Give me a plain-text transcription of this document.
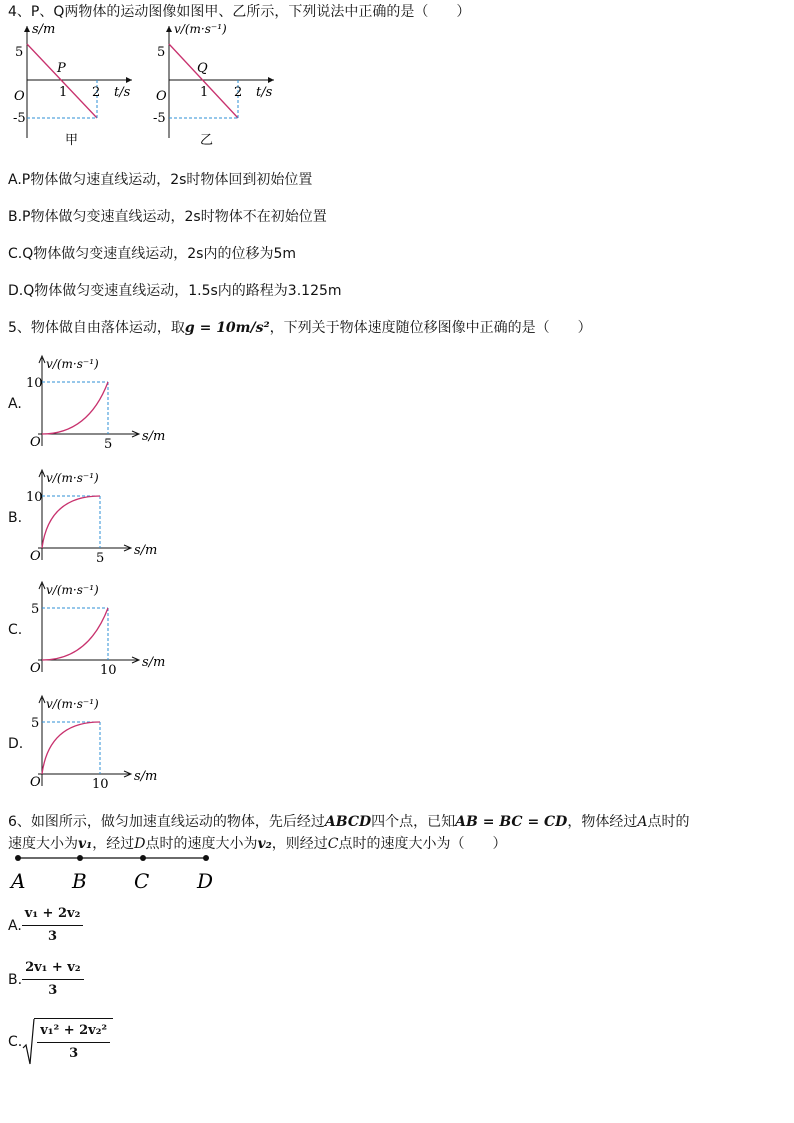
4、P、Q两物体的运动图像如图甲、乙所示，下列说法中正确的是（　　）
s/m
5
-5
O
P
1 2 t/s
甲
v/(m·s⁻¹)
5
-5
O
Q
1 2 t/s
乙
A.P物体做匀速直线运动，2s时物体回到初始位置
B.P物体做匀变速直线运动，2s时物体不在初始位置
C.Q物体做匀变速直线运动，2s内的位移为5m
D.Q物体做匀变速直线运动，1.5s内的路程为3.125m
5、物体做自由落体运动，取g = 10m/s²，下列关于物体速度随位移图像中正确的是（　　）
A.
v/(m·s⁻¹)
10
O	5
s/m
B.
v/(m·s⁻¹)
10
O	5
s/m
C.
v/(m·s⁻¹)
5
O	10
s/m
D.
v/(m·s⁻¹)
5
O	10
s/m
6、如图所示，做匀加速直线运动的物体，先后经过ABCD四个点，已知AB = BC = CD，物体经过A点时的
速度大小为v₁，经过D点时的速度大小为v₂，则经过C点时的速度大小为（　　）
A B C D
A. $\frac{\text{v₁ + 2v₂}}{3}$
B. $\frac{\text{2v₁ + v₂}}{3}$
C. $\frac{\text{v₁² + 2v₂²}}{3}$
